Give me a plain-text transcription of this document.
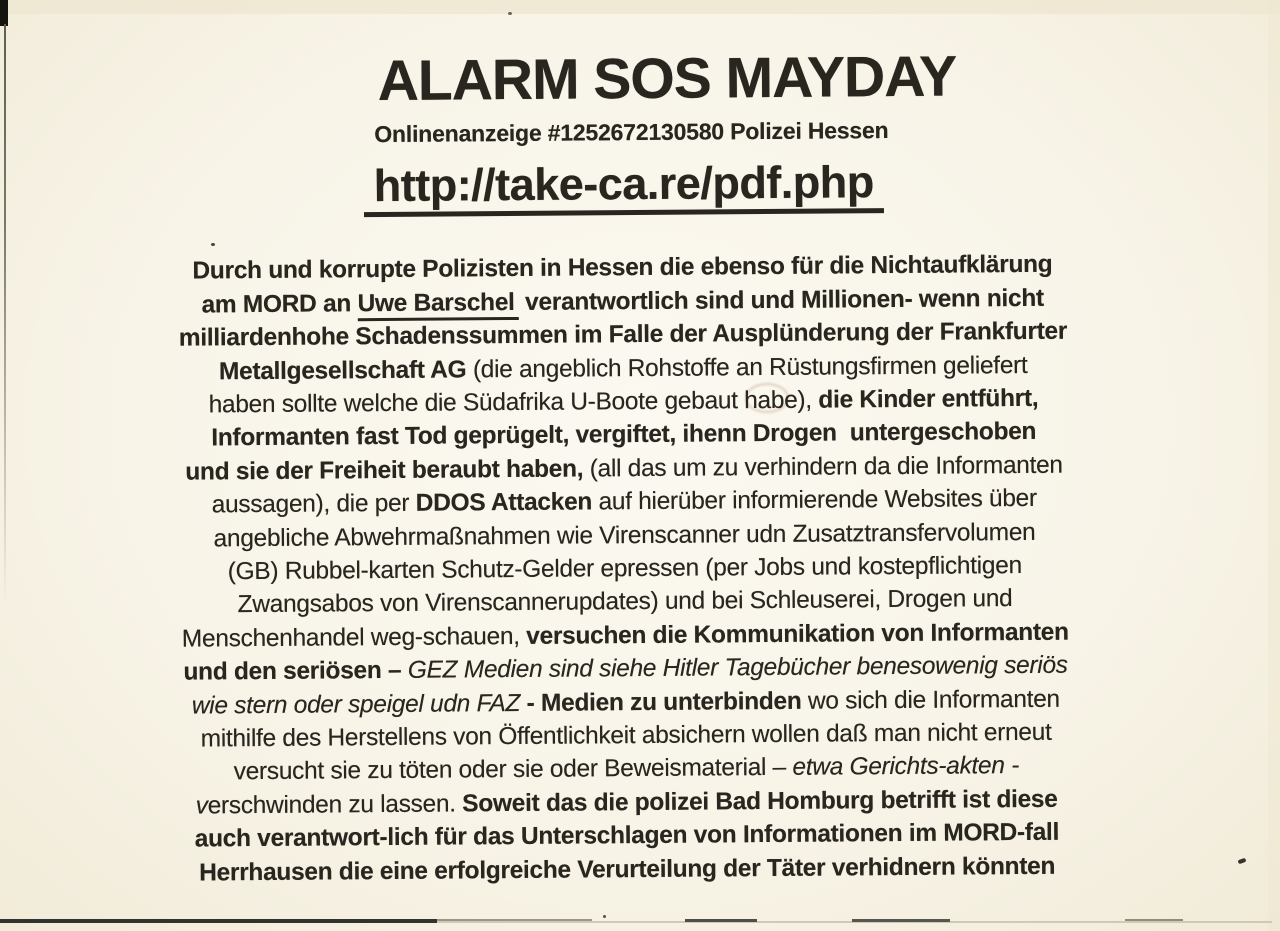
ALARM SOS MAYDAY
Onlinenanzeige #1252672130580 Polizei Hessen
http://take-ca.re/pdf.php
Durch und korrupte Polizisten in Hessen die ebenso für die Nichtaufklärung
am MORD an Uwe Barschel verantwortlich sind und Millionen- wenn nicht
milliardenhohe Schadenssummen im Falle der Ausplünderung der Frankfurter
Metallgesellschaft AG (die angeblich Rohstoffe an Rüstungsfirmen geliefert
haben sollte welche die Südafrika U-Boote gebaut habe), die Kinder entführt,
Informanten fast Tod geprügelt, vergiftet, ihenn Drogen  untergeschoben
und sie der Freiheit beraubt haben, (all das um zu verhindern da die Informanten
aussagen), die per DDOS Attacken auf hierüber informierende Websites über
angebliche Abwehrmaßnahmen wie Virenscanner udn Zusatztransfervolumen
(GB) Rubbel-karten Schutz-Gelder epressen (per Jobs und kostepflichtigen
Zwangsabos von Virenscannerupdates) und bei Schleuserei, Drogen und
Menschenhandel weg-schauen, versuchen die Kommunikation von Informanten
und den seriösen – GEZ Medien sind siehe Hitler Tagebücher benesowenig seriös
wie stern oder speigel udn FAZ - Medien zu unterbinden wo sich die Informanten
mithilfe des Herstellens von Öffentlichkeit absichern wollen daß man nicht erneut
versucht sie zu töten oder sie oder Beweismaterial – etwa Gerichts-akten -
verschwinden zu lassen. Soweit das die polizei Bad Homburg betrifft ist diese
auch verantwort-lich für das Unterschlagen von Informationen im MORD-fall
Herrhausen die eine erfolgreiche Verurteilung der Täter verhidnern könnten
